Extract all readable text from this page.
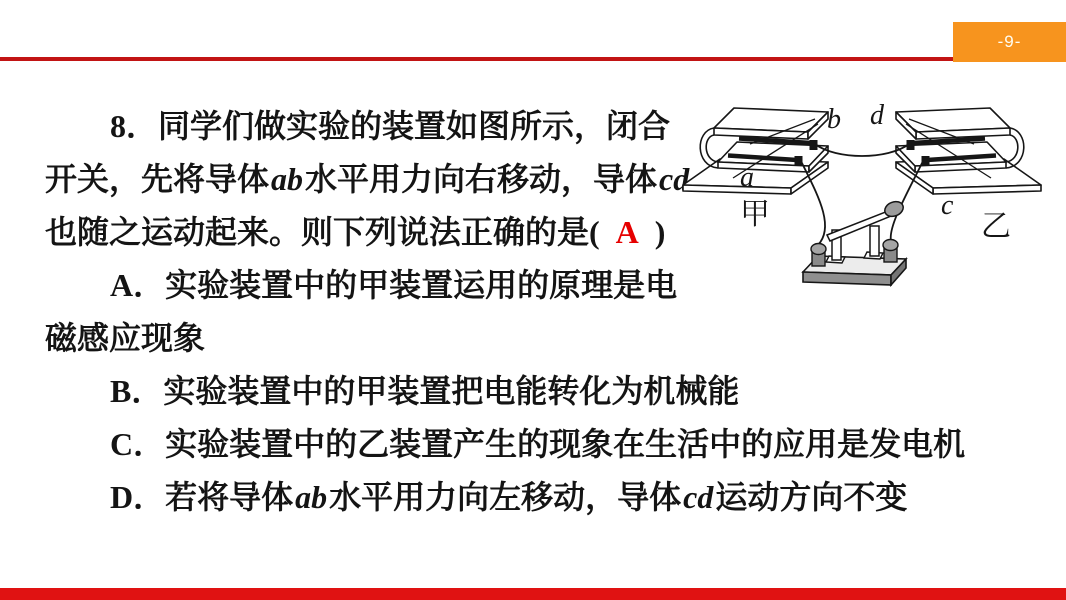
-9-

8．同学们做实验的装置如图所示，闭合

开关，先将导体ab水平用力向右移动，导体cd

也随之运动起来。则下列说法正确的是( A )

A．实验装置中的甲装置运用的原理是电

磁感应现象

B．实验装置中的甲装置把电能转化为机械能

C．实验装置中的乙装置产生的现象在生活中的应用是发电机

D．若将导体ab水平用力向左移动，导体cd运动方向不变

b
a
d
c
甲	乙
